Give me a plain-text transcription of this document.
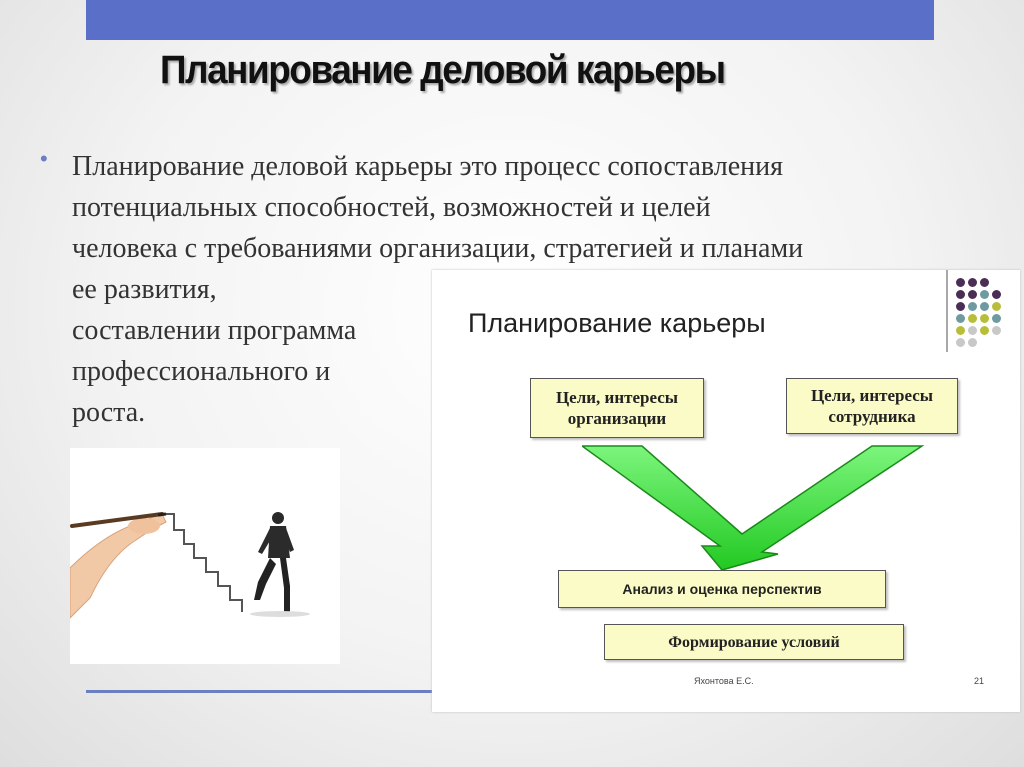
Планирование деловой карьеры
• Планирование деловой карьеры это процесс сопоставления
потенциальных способностей, возможностей и целей
человека с требованиями организации, стратегией и планами
ее развития,
составлении программа
профессионального и
роста.
Планирование карьеры
Цели, интересы
организации
Цели, интересы
сотрудника
Анализ и оценка перспектив
Формирование условий
Яхонтова Е.С.	21
